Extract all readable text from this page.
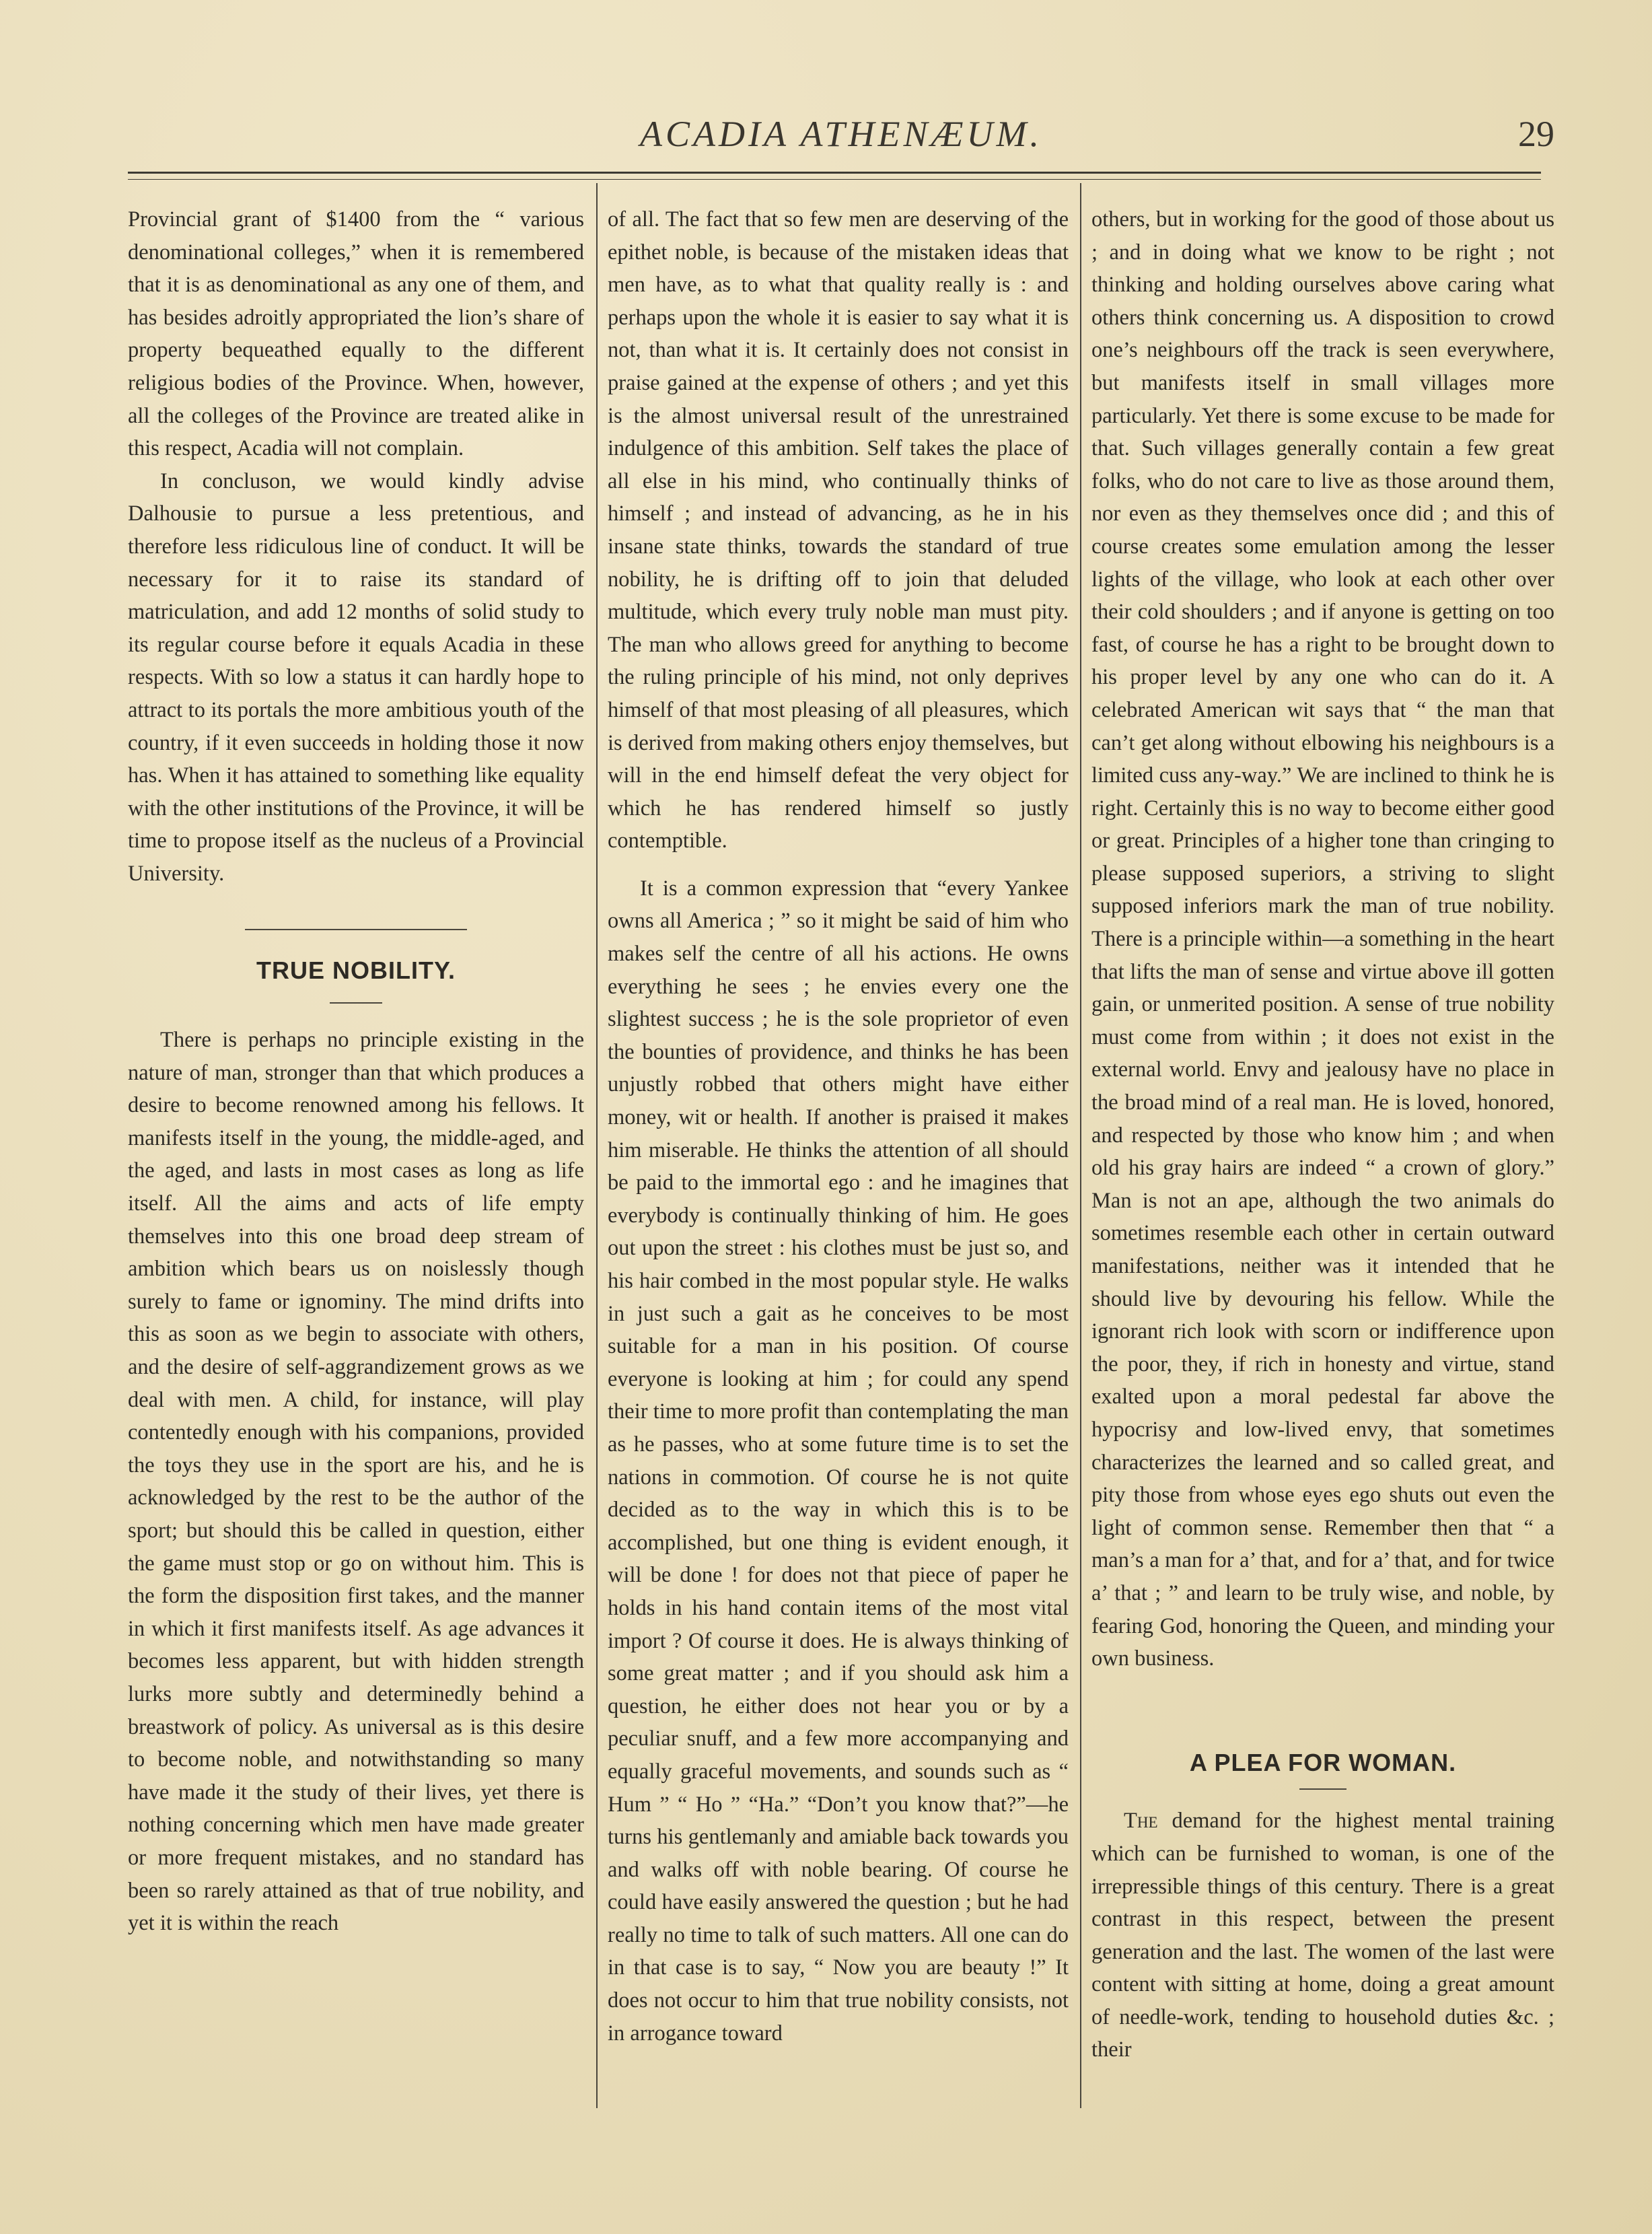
ACADIA ATHENÆUM.	29

Provincial grant of $1400 from the “ various denominational colleges,” when it is remembered that it is as denominational as any one of them, and has besides adroitly appropriated the lion’s share of property bequeathed equally to the different religious bodies of the Province. When, however, all the colleges of the Province are treated alike in this respect, Acadia will not complain.

In concluson, we would kindly advise Dalhousie to pursue a less pretentious, and therefore less ridiculous line of conduct. It will be necessary for it to raise its standard of matriculation, and add 12 months of solid study to its regular course before it equals Acadia in these respects. With so low a status it can hardly hope to attract to its portals the more ambitious youth of the country, if it even succeeds in holding those it now has. When it has attained to something like equality with the other institutions of the Province, it will be time to propose itself as the nucleus of a Provincial University.

TRUE NOBILITY.

There is perhaps no principle existing in the nature of man, stronger than that which produces a desire to become renowned among his fellows. It manifests itself in the young, the middle-aged, and the aged, and lasts in most cases as long as life itself. All the aims and acts of life empty themselves into this one broad deep stream of ambition which bears us on noislessly though surely to fame or ignominy. The mind drifts into this as soon as we begin to associate with others, and the desire of self-aggrandizement grows as we deal with men. A child, for instance, will play contentedly enough with his companions, provided the toys they use in the sport are his, and he is acknowledged by the rest to be the author of the sport; but should this be called in question, either the game must stop or go on without him. This is the form the disposition first takes, and the manner in which it first manifests itself. As age advances it becomes less apparent, but with hidden strength lurks more subtly and determinedly behind a breastwork of policy. As universal as is this desire to become noble, and notwithstanding so many have made it the study of their lives, yet there is nothing concerning which men have made greater or more frequent mistakes, and no standard has been so rarely attained as that of true nobility, and yet it is within the reach

of all. The fact that so few men are deserving of the epithet noble, is because of the mistaken ideas that men have, as to what that quality really is : and perhaps upon the whole it is easier to say what it is not, than what it is. It certainly does not consist in praise gained at the expense of others ; and yet this is the almost universal result of the unrestrained indulgence of this ambition. Self takes the place of all else in his mind, who continually thinks of himself ; and instead of advancing, as he in his insane state thinks, towards the standard of true nobility, he is drifting off to join that deluded multitude, which every truly noble man must pity. The man who allows greed for anything to become the ruling principle of his mind, not only deprives himself of that most pleasing of all pleasures, which is derived from making others enjoy themselves, but will in the end himself defeat the very object for which he has rendered himself so justly contemptible.

It is a common expression that “every Yankee owns all America ; ” so it might be said of him who makes self the centre of all his actions. He owns everything he sees ; he envies every one the slightest success ; he is the sole proprietor of even the bounties of providence, and thinks he has been unjustly robbed that others might have either money, wit or health. If another is praised it makes him miserable. He thinks the attention of all should be paid to the immortal ego : and he imagines that everybody is continually thinking of him. He goes out upon the street : his clothes must be just so, and his hair combed in the most popular style. He walks in just such a gait as he conceives to be most suitable for a man in his position. Of course everyone is looking at him ; for could any spend their time to more profit than contemplating the man as he passes, who at some future time is to set the nations in commotion. Of course he is not quite decided as to the way in which this is to be accomplished, but one thing is evident enough, it will be done ! for does not that piece of paper he holds in his hand contain items of the most vital import ? Of course it does. He is always thinking of some great matter ; and if you should ask him a question, he either does not hear you or by a peculiar snuff, and a few more accompanying and equally graceful movements, and sounds such as “ Hum ” “ Ho ” “Ha.” “Don’t you know that?”—he turns his gentlemanly and amiable back towards you and walks off with noble bearing. Of course he could have easily answered the question ; but he had really no time to talk of such matters. All one can do in that case is to say, “ Now you are beauty !” It does not occur to him that true nobility consists, not in arrogance toward

others, but in working for the good of those about us ; and in doing what we know to be right ; not thinking and holding ourselves above caring what others think concerning us. A disposition to crowd one’s neighbours off the track is seen everywhere, but manifests itself in small villages more particularly. Yet there is some excuse to be made for that. Such villages generally contain a few great folks, who do not care to live as those around them, nor even as they themselves once did ; and this of course creates some emulation among the lesser lights of the village, who look at each other over their cold shoulders ; and if anyone is getting on too fast, of course he has a right to be brought down to his proper level by any one who can do it. A celebrated American wit says that “ the man that can’t get along without elbowing his neighbours is a limited cuss any-way.” We are inclined to think he is right. Certainly this is no way to become either good or great. Principles of a higher tone than cringing to please supposed superiors, a striving to slight supposed inferiors mark the man of true nobility. There is a principle within—a something in the heart that lifts the man of sense and virtue above ill gotten gain, or unmerited position. A sense of true nobility must come from within ; it does not exist in the external world. Envy and jealousy have no place in the broad mind of a real man. He is loved, honored, and respected by those who know him ; and when old his gray hairs are indeed “ a crown of glory.” Man is not an ape, although the two animals do sometimes resemble each other in certain outward manifestations, neither was it intended that he should live by devouring his fellow. While the ignorant rich look with scorn or indifference upon the poor, they, if rich in honesty and virtue, stand exalted upon a moral pedestal far above the hypocrisy and low-lived envy, that sometimes characterizes the learned and so called great, and pity those from whose eyes ego shuts out even the light of common sense. Remember then that “ a man’s a man for a’ that, and for a’ that, and for twice a’ that ; ” and learn to be truly wise, and noble, by fearing God, honoring the Queen, and minding your own business.

A PLEA FOR WOMAN.

The demand for the highest mental training which can be furnished to woman, is one of the irrepressible things of this century. There is a great contrast in this respect, between the present generation and the last. The women of the last were content with sitting at home, doing a great amount of needle-work, tending to household duties &c. ; their
